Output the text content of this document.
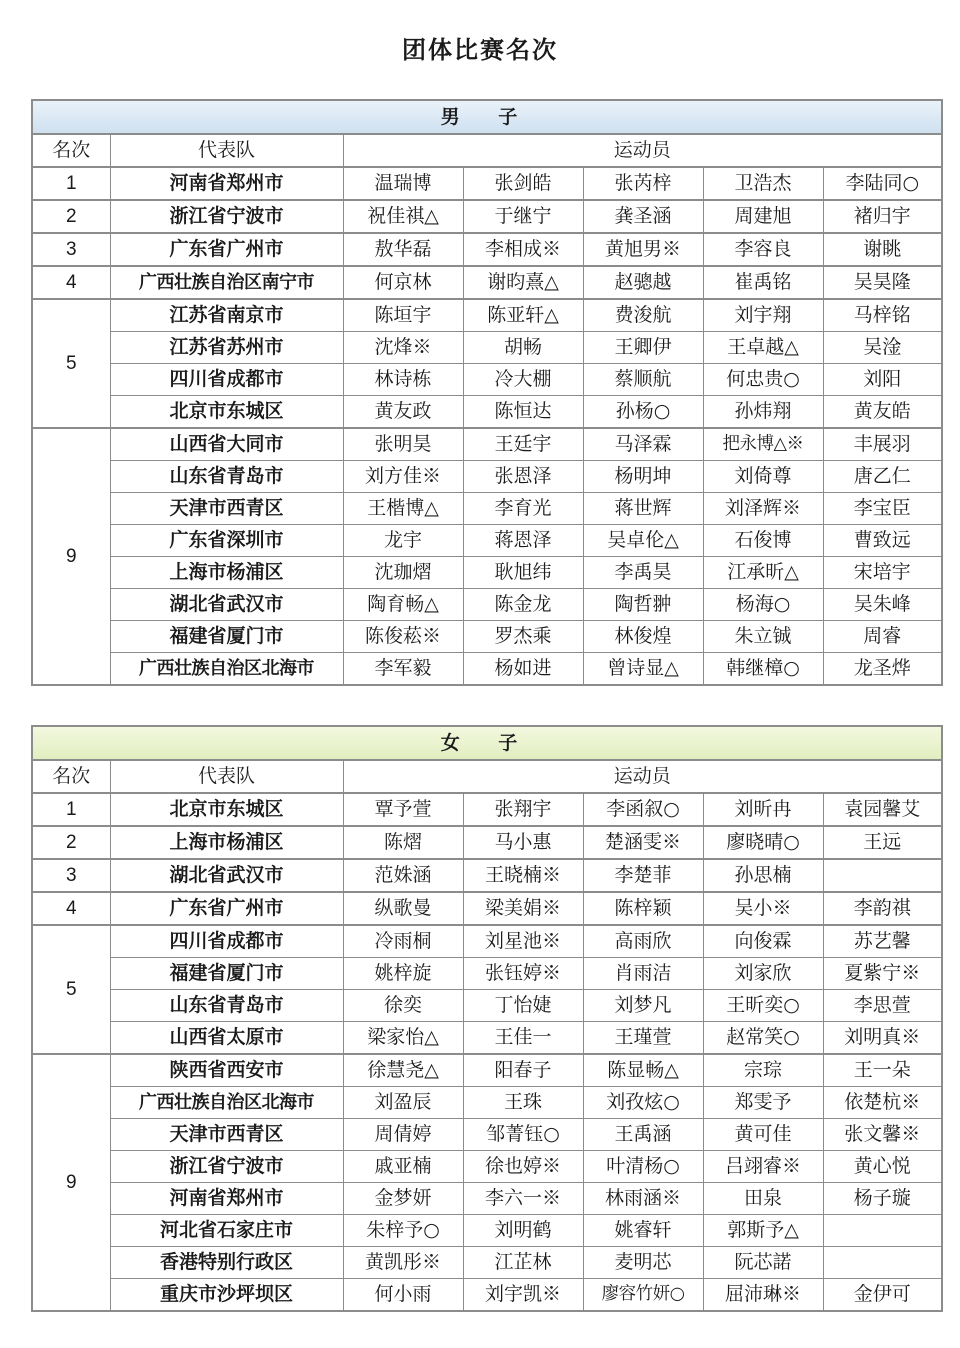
团体比赛名次
男 子						
名次	代表队	运动员				
1	河南省郑州市	温瑞博	张剑皓	张芮梓	卫浩杰	李陆同○
2	浙江省宁波市	祝佳祺△	于继宁	龚圣涵	周建旭	褚归宇
3	广东省广州市	敖华磊	李相成※	黄旭男※	李容良	谢眺
4	广西壮族自治区南宁市	何京林	谢昀熹△	赵骢越	崔禹铭	吴昊隆
5	江苏省南京市	陈垣宇	陈亚轩△	费浚航	刘宇翔	马梓铭
	江苏省苏州市	沈烽※	胡畅	王卿伊	王卓越△	吴淦
	四川省成都市	林诗栋	冷大棚	蔡顺航	何忠贵○	刘阳
	北京市东城区	黄友政	陈恒达	孙杨○	孙炜翔	黄友皓
9	山西省大同市	张明昊	王廷宇	马泽霖	把永博△※	丰展羽
	山东省青岛市	刘方佳※	张恩泽	杨明坤	刘倚尊	唐乙仁
	天津市西青区	王楷博△	李育光	蒋世辉	刘泽辉※	李宝臣
	广东省深圳市	龙宇	蒋恩泽	吴卓伦△	石俊博	曹致远
	上海市杨浦区	沈珈熠	耿旭纬	李禹昊	江承昕△	宋培宇
	湖北省武汉市	陶育畅△	陈金龙	陶哲翀	杨海○	吴朱峰
	福建省厦门市	陈俊菘※	罗杰乘	林俊煌	朱立铖	周睿
	广西壮族自治区北海市	李军毅	杨如进	曾诗显△	韩继樟○	龙圣烨
女 子						
名次	代表队	运动员				
1	北京市东城区	覃予萱	张翔宇	李函叙○	刘昕冉	袁园馨艾
2	上海市杨浦区	陈熠	马小惠	楚涵雯※	廖晓晴○	王远
3	湖北省武汉市	范姝涵	王晓楠※	李楚菲	孙思楠	
4	广东省广州市	纵歌曼	梁美娟※	陈梓颖	吴小※	李韵祺
5	四川省成都市	冷雨桐	刘星池※	高雨欣	向俊霖	苏艺馨
	福建省厦门市	姚梓旋	张钰婷※	肖雨洁	刘家欣	夏紫宁※
	山东省青岛市	徐奕	丁怡婕	刘梦凡	王昕奕○	李思萱
	山西省太原市	梁家怡△	王佳一	王瑾萱	赵常笑○	刘明真※
9	陕西省西安市	徐慧尧△	阳春子	陈显畅△	宗琮	王一朵
	广西壮族自治区北海市	刘盈辰	王珠	刘孜炫○	郑雯予	依楚杭※
	天津市西青区	周倩婷	邹菁钰○	王禹涵	黄可佳	张文馨※
	浙江省宁波市	戚亚楠	徐也婷※	叶清杨○	吕翊睿※	黄心悦
	河南省郑州市	金梦妍	李六一※	林雨涵※	田泉	杨子璇
	河北省石家庄市	朱梓予○	刘明鹤	姚睿轩	郭斯予△	
	香港特别行政区	黄凯彤※	江芷林	麦明芯	阮芯諾	
	重庆市沙坪坝区	何小雨	刘宇凯※	廖容竹妍○	屈沛琳※	金伊可
